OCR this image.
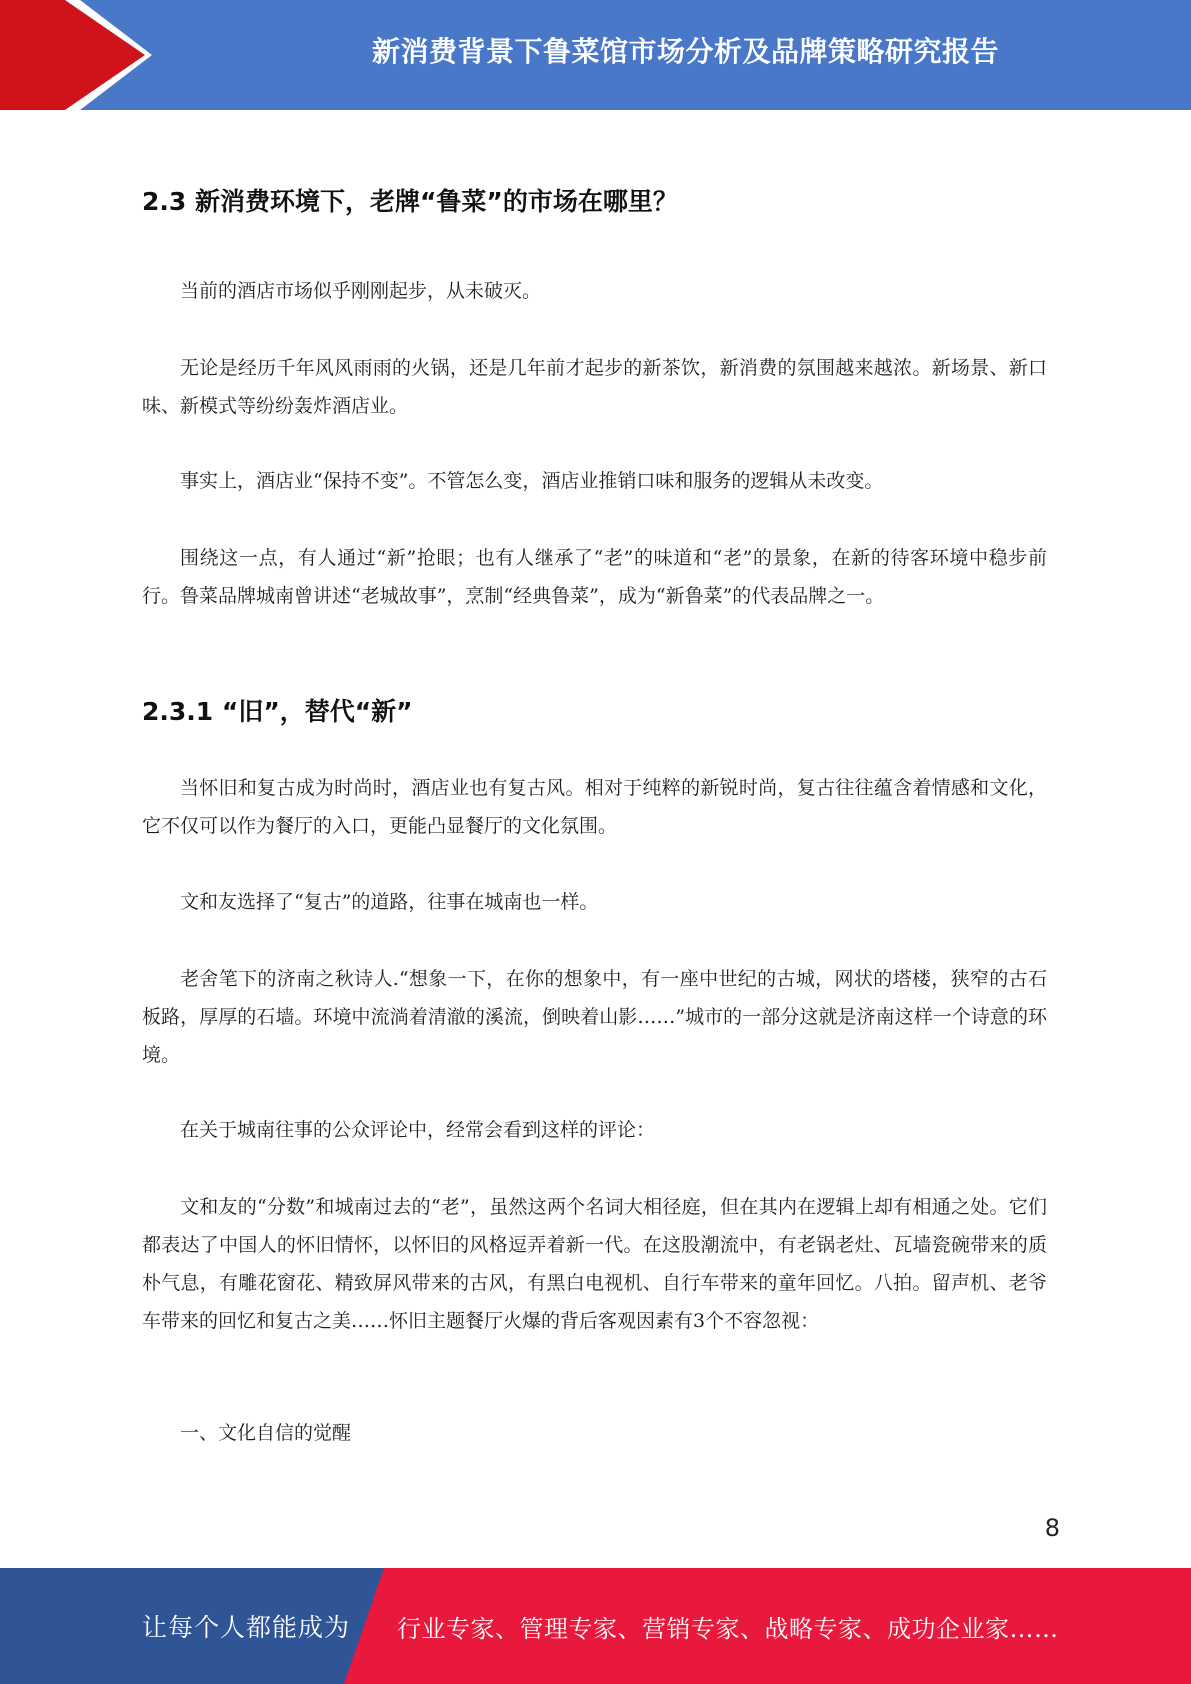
新消费背景下鲁菜馆市场分析及品牌策略研究报告
2.3 新消费环境下，老牌“鲁菜”的市场在哪里？

当前的酒店市场似乎刚刚起步，从未破灭。

无论是经历千年风风雨雨的火锅，还是几年前才起步的新茶饮，新消费的氛围越来越浓。新场景、新口味、新模式等纷纷轰炸酒店业。

事实上，酒店业“保持不变”。不管怎么变，酒店业推销口味和服务的逻辑从未改变。

围绕这一点，有人通过“新”抢眼；也有人继承了“老”的味道和“老”的景象，在新的待客环境中稳步前行。鲁菜品牌城南曾讲述“老城故事”，烹制“经典鲁菜”，成为“新鲁菜”的代表品牌之一。

2.3.1 “旧”，替代“新”

当怀旧和复古成为时尚时，酒店业也有复古风。相对于纯粹的新锐时尚，复古往往蕴含着情感和文化，它不仅可以作为餐厅的入口，更能凸显餐厅的文化氛围。

文和友选择了“复古”的道路，往事在城南也一样。

老舍笔下的济南之秋诗人.“想象一下，在你的想象中，有一座中世纪的古城，网状的塔楼，狭窄的古石板路，厚厚的石墙。环境中流淌着清澈的溪流，倒映着山影……”城市的一部分这就是济南这样一个诗意的环境。

在关于城南往事的公众评论中，经常会看到这样的评论：

文和友的“分数”和城南过去的“老”，虽然这两个名词大相径庭，但在其内在逻辑上却有相通之处。它们都表达了中国人的怀旧情怀，以怀旧的风格逗弄着新一代。在这股潮流中，有老锅老灶、瓦墙瓷碗带来的质朴气息，有雕花窗花、精致屏风带来的古风，有黑白电视机、自行车带来的童年回忆。八拍。留声机、老爷车带来的回忆和复古之美……怀旧主题餐厅火爆的背后客观因素有3个不容忽视：

一、文化自信的觉醒

8
让每个人都能成为 行业专家、管理专家、营销专家、战略专家、成功企业家……
